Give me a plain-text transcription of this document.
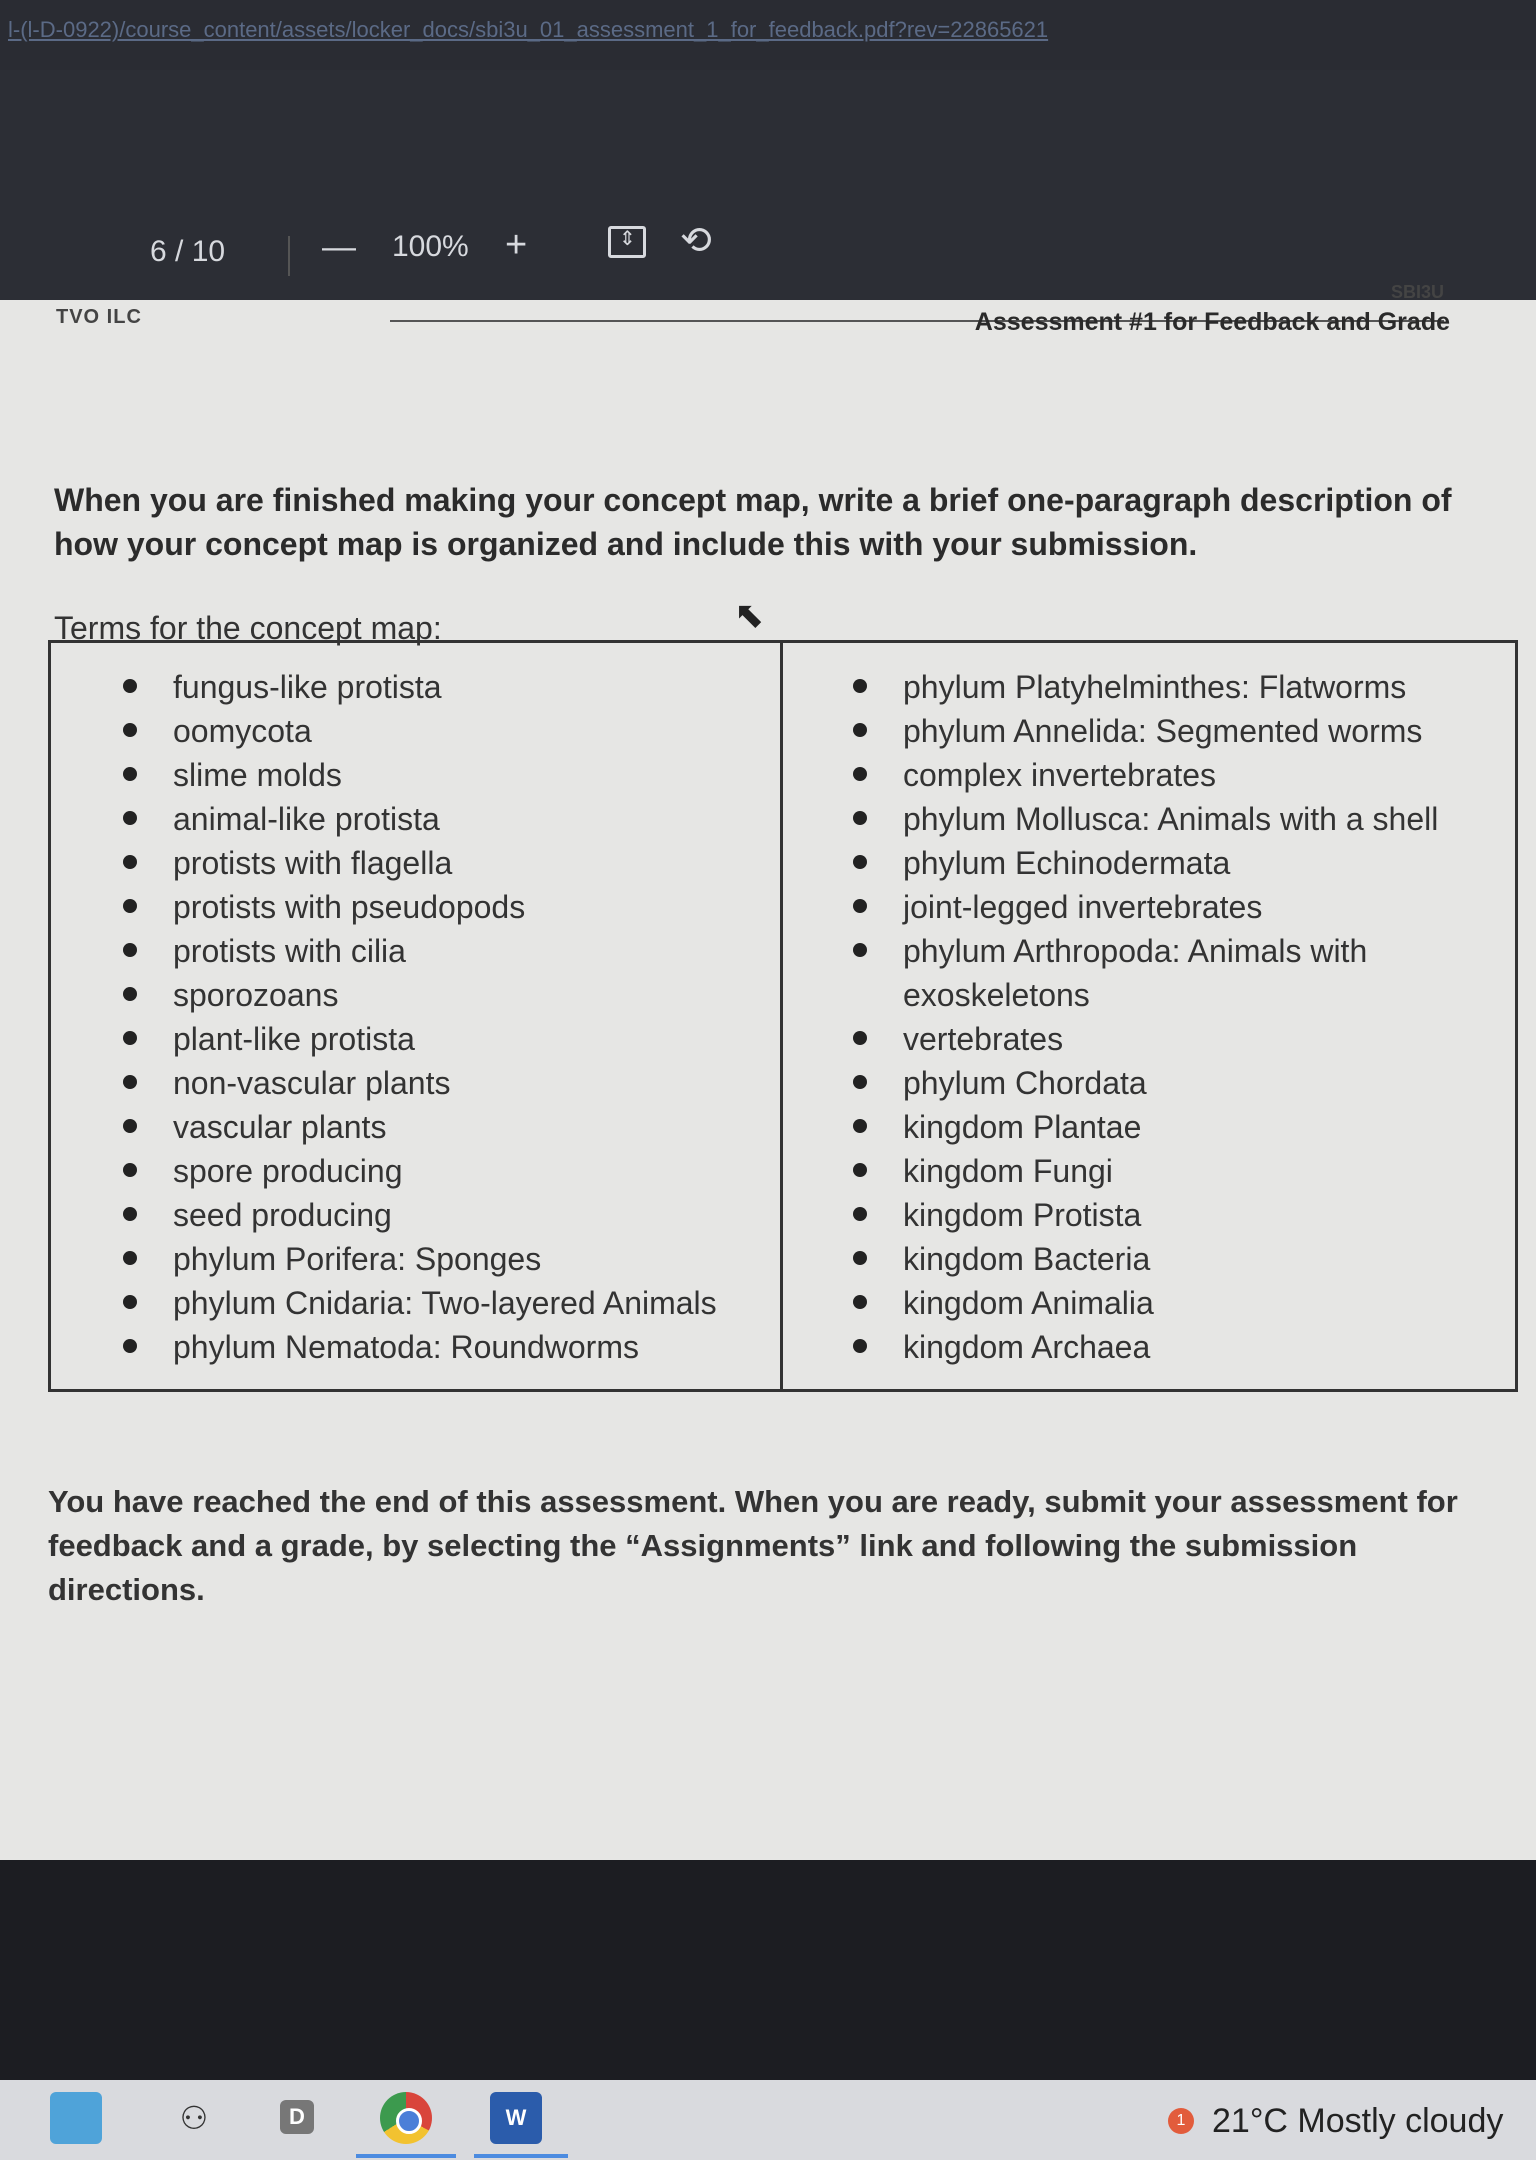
l-(l-D-0922)/course_content/assets/locker_docs/sbi3u_01_assessment_1_for_feedback.pdf?rev=22865621
6 / 10	— 100% +
⇕	⟲
TVO ILC
SBI3U
Assessment #1 for Feedback and Grade

When you are finished making your concept map, write a brief one-paragraph description of how your concept map is organized and include this with your submission.

Terms for the concept map:
fungus-like protista
oomycota
slime molds
animal-like protista
protists with flagella
protists with pseudopods
protists with cilia
sporozoans
plant-like protista
non-vascular plants
vascular plants
spore producing
seed producing
phylum Porifera: Sponges
phylum Cnidaria: Two-layered Animals
phylum Nematoda: Roundworms
phylum Platyhelminthes: Flatworms
phylum Annelida: Segmented worms
complex invertebrates
phylum Mollusca: Animals with a shell
phylum Echinodermata
joint-legged invertebrates
phylum Arthropoda: Animals with exoskeletons
vertebrates
phylum Chordata
kingdom Plantae
kingdom Fungi
kingdom Protista
kingdom Bacteria
kingdom Animalia
kingdom Archaea

You have reached the end of this assessment. When you are ready, submit your assessment for feedback and a grade, by selecting the “Assignments” link and following the submission directions.

⬉
⚇	D	W	1 21°C Mostly cloudy
